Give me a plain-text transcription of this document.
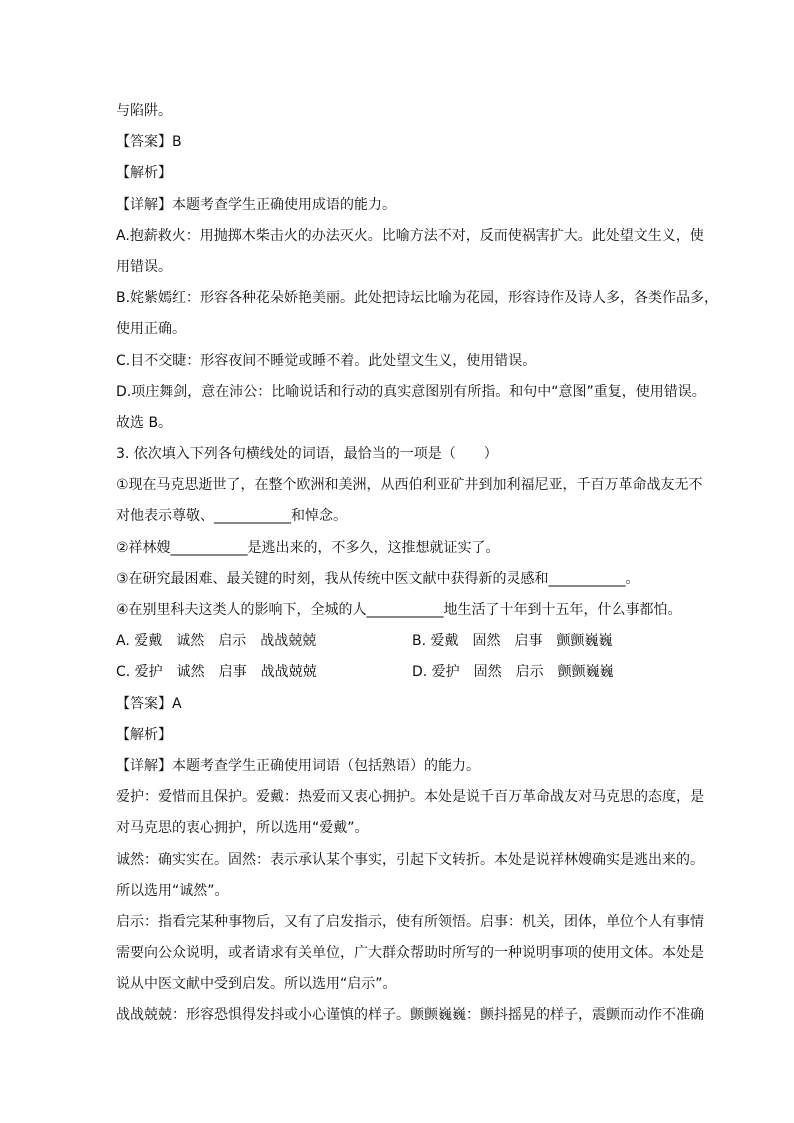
与陷阱。
【答案】B
【解析】
【详解】本题考查学生正确使用成语的能力。
A.抱薪救火：用抛掷木柴击火的办法灭火。比喻方法不对，反而使祸害扩大。此处望文生义，使
用错误。
B.姹紫嫣红：形容各种花朵娇艳美丽。此处把诗坛比喻为花园，形容诗作及诗人多，各类作品多，
使用正确。
C.目不交睫：形容夜间不睡觉或睡不着。此处望文生义，使用错误。
D.项庄舞剑，意在沛公：比喻说话和行动的真实意图别有所指。和句中“意图”重复，使用错误。
故选 B。
3. 依次填入下列各句横线处的词语，最恰当的一项是（　　）
①现在马克思逝世了，在整个欧洲和美洲，从西伯利亚矿井到加利福尼亚，千百万革命战友无不
对他表示尊敬、___________和悼念。
②祥林嫂___________是逃出来的，不多久，这推想就证实了。
③在研究最困难、最关键的时刻，我从传统中医文献中获得新的灵感和___________。
④在别里科夫这类人的影响下，全城的人___________地生活了十年到十五年，什么事都怕。
A. 爱戴　诚然　启示　战战兢兢	B. 爱戴　固然　启事　颤颤巍巍
C. 爱护　诚然　启事　战战兢兢	D. 爱护　固然　启示　颤颤巍巍
【答案】A
【解析】
【详解】本题考查学生正确使用词语（包括熟语）的能力。
爱护：爱惜而且保护。爱戴：热爱而又衷心拥护。本处是说千百万革命战友对马克思的态度，是
对马克思的衷心拥护，所以选用“爱戴”。
诚然：确实实在。固然：表示承认某个事实，引起下文转折。本处是说祥林嫂确实是逃出来的。
所以选用“诚然”。
启示：指看完某种事物后，又有了启发指示，使有所领悟。启事：机关，团体，单位个人有事情
需要向公众说明，或者请求有关单位，广大群众帮助时所写的一种说明事项的使用文体。本处是
说从中医文献中受到启发。所以选用“启示”。
战战兢兢：形容恐惧得发抖或小心谨慎的样子。颤颤巍巍：颤抖摇晃的样子，震颤而动作不准确
